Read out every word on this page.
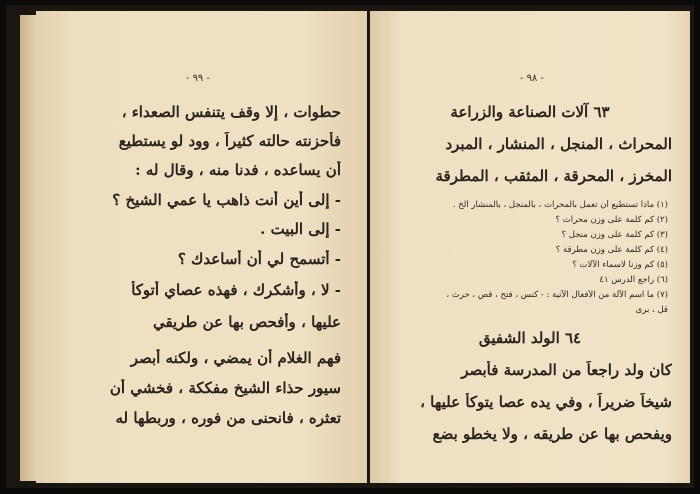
- ٩٩ -
حطوات ، إلا وقف يتنفس الصعداء ،
فأحزنته حالته كثيراً ، وود لو يستطيع
أن يساعده ، فدنا منه ، وقال له :
- إلى أين أنت ذاهب يا عمي الشيخ ؟
- إلى البيت .
- أتسمح لي أن أساعدك ؟
- لا ، وأشكرك ، فهذه عصاي أتوكأ
عليها ، وأفحص بها عن طريقي
فهم الغلام أن يمضي ، ولكنه أبصر
سيور حذاء الشيخ مفككة ، فخشي أن
تعثره ، فانحنى من فوره ، وربطها له
- ٩٨ -
٦٣ آلات الصناعة والزراعة
المحراث ، المنجل ، المنشار ، المبرد
المخرز ، المحرقة ، المثقب ، المطرقة
(١) ماذا تستطيع أن تعمل بالمحراث ، بالمنجل ، بالمنشار الخ .
(٢) كم كلمة على وزن محراث ؟
(٣) كم كلمة على وزن منجل ؟
(٤) كم كلمة على وزن مطرقة ؟
(٥) كم وزناً لاسماء الآلات ؟
(٦) راجع الدرس ٤١
(٧) ما اسم الآلة من الأفعال الآتية : - كنس ، فتح ، قص ، حرث ،
قل ، برى
٦٤ الولد الشفيق
كان ولد راجعاً من المدرسة فأبصر
شيخاً ضريراً ، وفي يده عصا يتوكأ عليها ،
ويفحص بها عن طريقه ، ولا يخطو بضع
